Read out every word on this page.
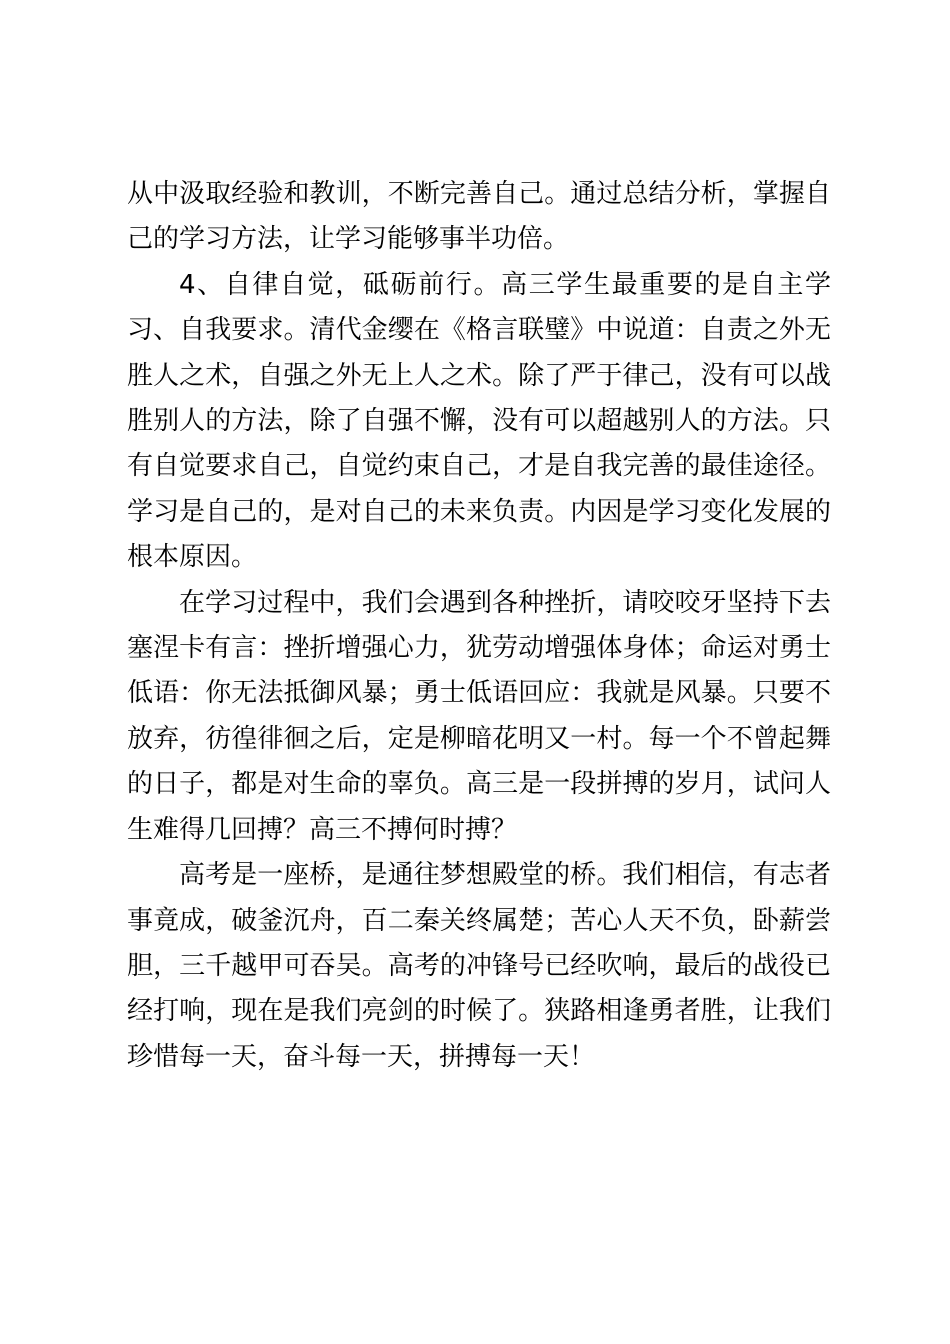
从中汲取经验和教训，不断完善自己。通过总结分析，掌握自己的学习方法，让学习能够事半功倍。

4、自律自觉，砥砺前行。高三学生最重要的是自主学习、自我要求。清代金缨在《格言联璧》中说道：自责之外无胜人之术，自强之外无上人之术。除了严于律己，没有可以战胜别人的方法，除了自强不懈，没有可以超越别人的方法。只有自觉要求自己，自觉约束自己，才是自我完善的最佳途径。学习是自己的，是对自己的未来负责。内因是学习变化发展的根本原因。

在学习过程中，我们会遇到各种挫折，请咬咬牙坚持下去塞涅卡有言：挫折增强心力，犹劳动增强体身体；命运对勇士低语：你无法抵御风暴；勇士低语回应：我就是风暴。只要不放弃，彷徨徘徊之后，定是柳暗花明又一村。每一个不曾起舞的日子，都是对生命的辜负。高三是一段拼搏的岁月，试问人生难得几回搏？高三不搏何时搏？

高考是一座桥，是通往梦想殿堂的桥。我们相信，有志者事竟成，破釜沉舟，百二秦关终属楚；苦心人天不负，卧薪尝胆，三千越甲可吞吴。高考的冲锋号已经吹响，最后的战役已经打响，现在是我们亮剑的时候了。狭路相逢勇者胜，让我们珍惜每一天，奋斗每一天，拼搏每一天！
